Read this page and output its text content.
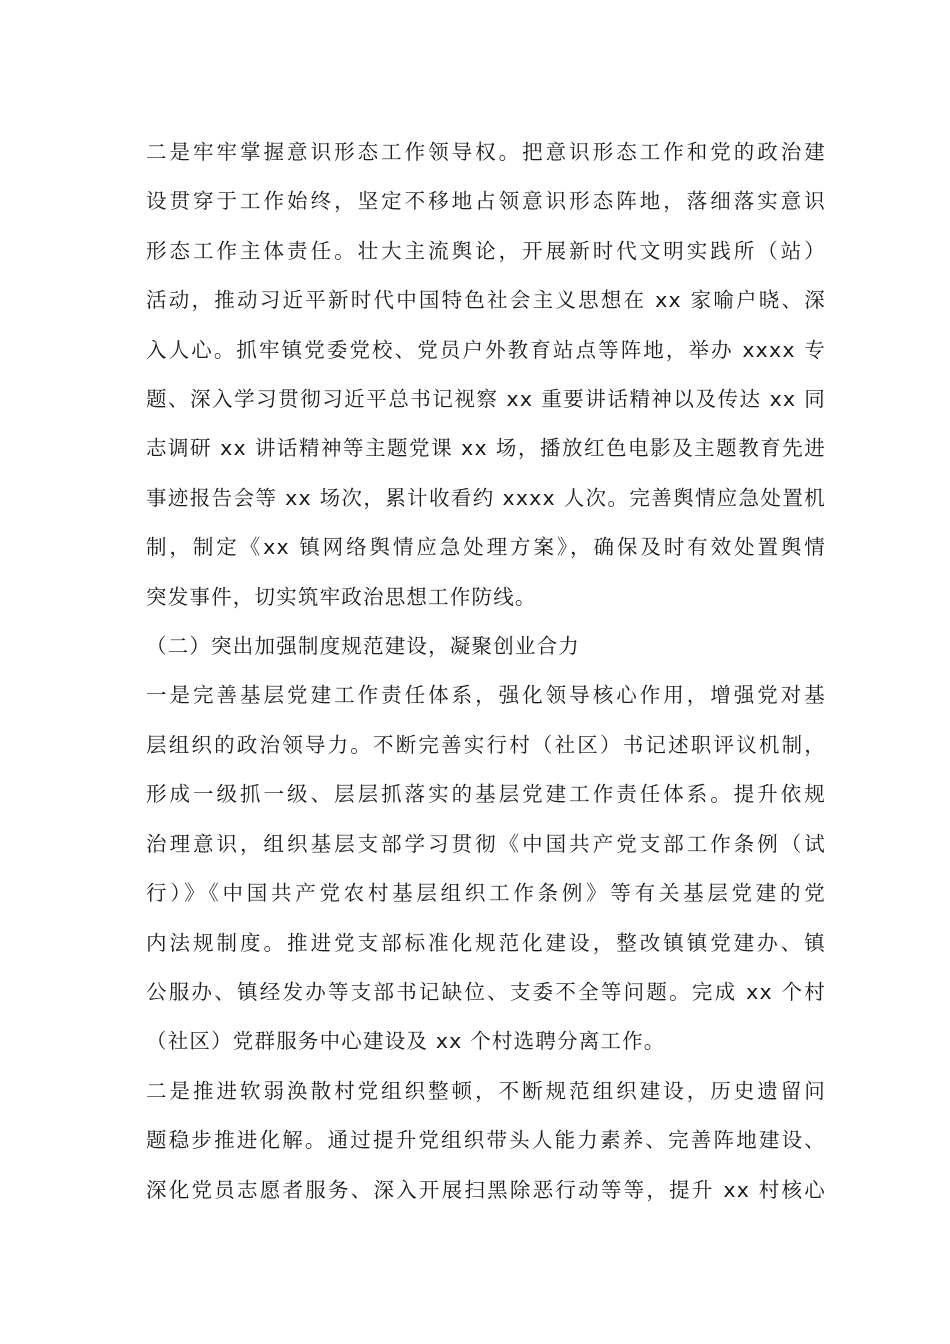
二是牢牢掌握意识形态工作领导权。把意识形态工作和党的政治建
设贯穿于工作始终，坚定不移地占领意识形态阵地，落细落实意识
形态工作主体责任。壮大主流舆论，开展新时代文明实践所（站）
活动，推动习近平新时代中国特色社会主义思想在 xx 家喻户晓、深
入人心。抓牢镇党委党校、党员户外教育站点等阵地，举办 xxxx 专
题、深入学习贯彻习近平总书记视察 xx 重要讲话精神以及传达 xx 同
志调研 xx 讲话精神等主题党课 xx 场，播放红色电影及主题教育先进
事迹报告会等 xx 场次，累计收看约 xxxx 人次。完善舆情应急处置机
制，制定《xx 镇网络舆情应急处理方案》，确保及时有效处置舆情
突发事件，切实筑牢政治思想工作防线。
（二）突出加强制度规范建设，凝聚创业合力
一是完善基层党建工作责任体系，强化领导核心作用，增强党对基
层组织的政治领导力。不断完善实行村（社区）书记述职评议机制，
形成一级抓一级、层层抓落实的基层党建工作责任体系。提升依规
治理意识，组织基层支部学习贯彻《中国共产党支部工作条例（试
行）》《中国共产党农村基层组织工作条例》等有关基层党建的党
内法规制度。推进党支部标准化规范化建设，整改镇镇党建办、镇
公服办、镇经发办等支部书记缺位、支委不全等问题。完成 xx 个村
（社区）党群服务中心建设及 xx 个村选聘分离工作。
二是推进软弱涣散村党组织整顿，不断规范组织建设，历史遗留问
题稳步推进化解。通过提升党组织带头人能力素养、完善阵地建设、
深化党员志愿者服务、深入开展扫黑除恶行动等等，提升 xx 村核心
